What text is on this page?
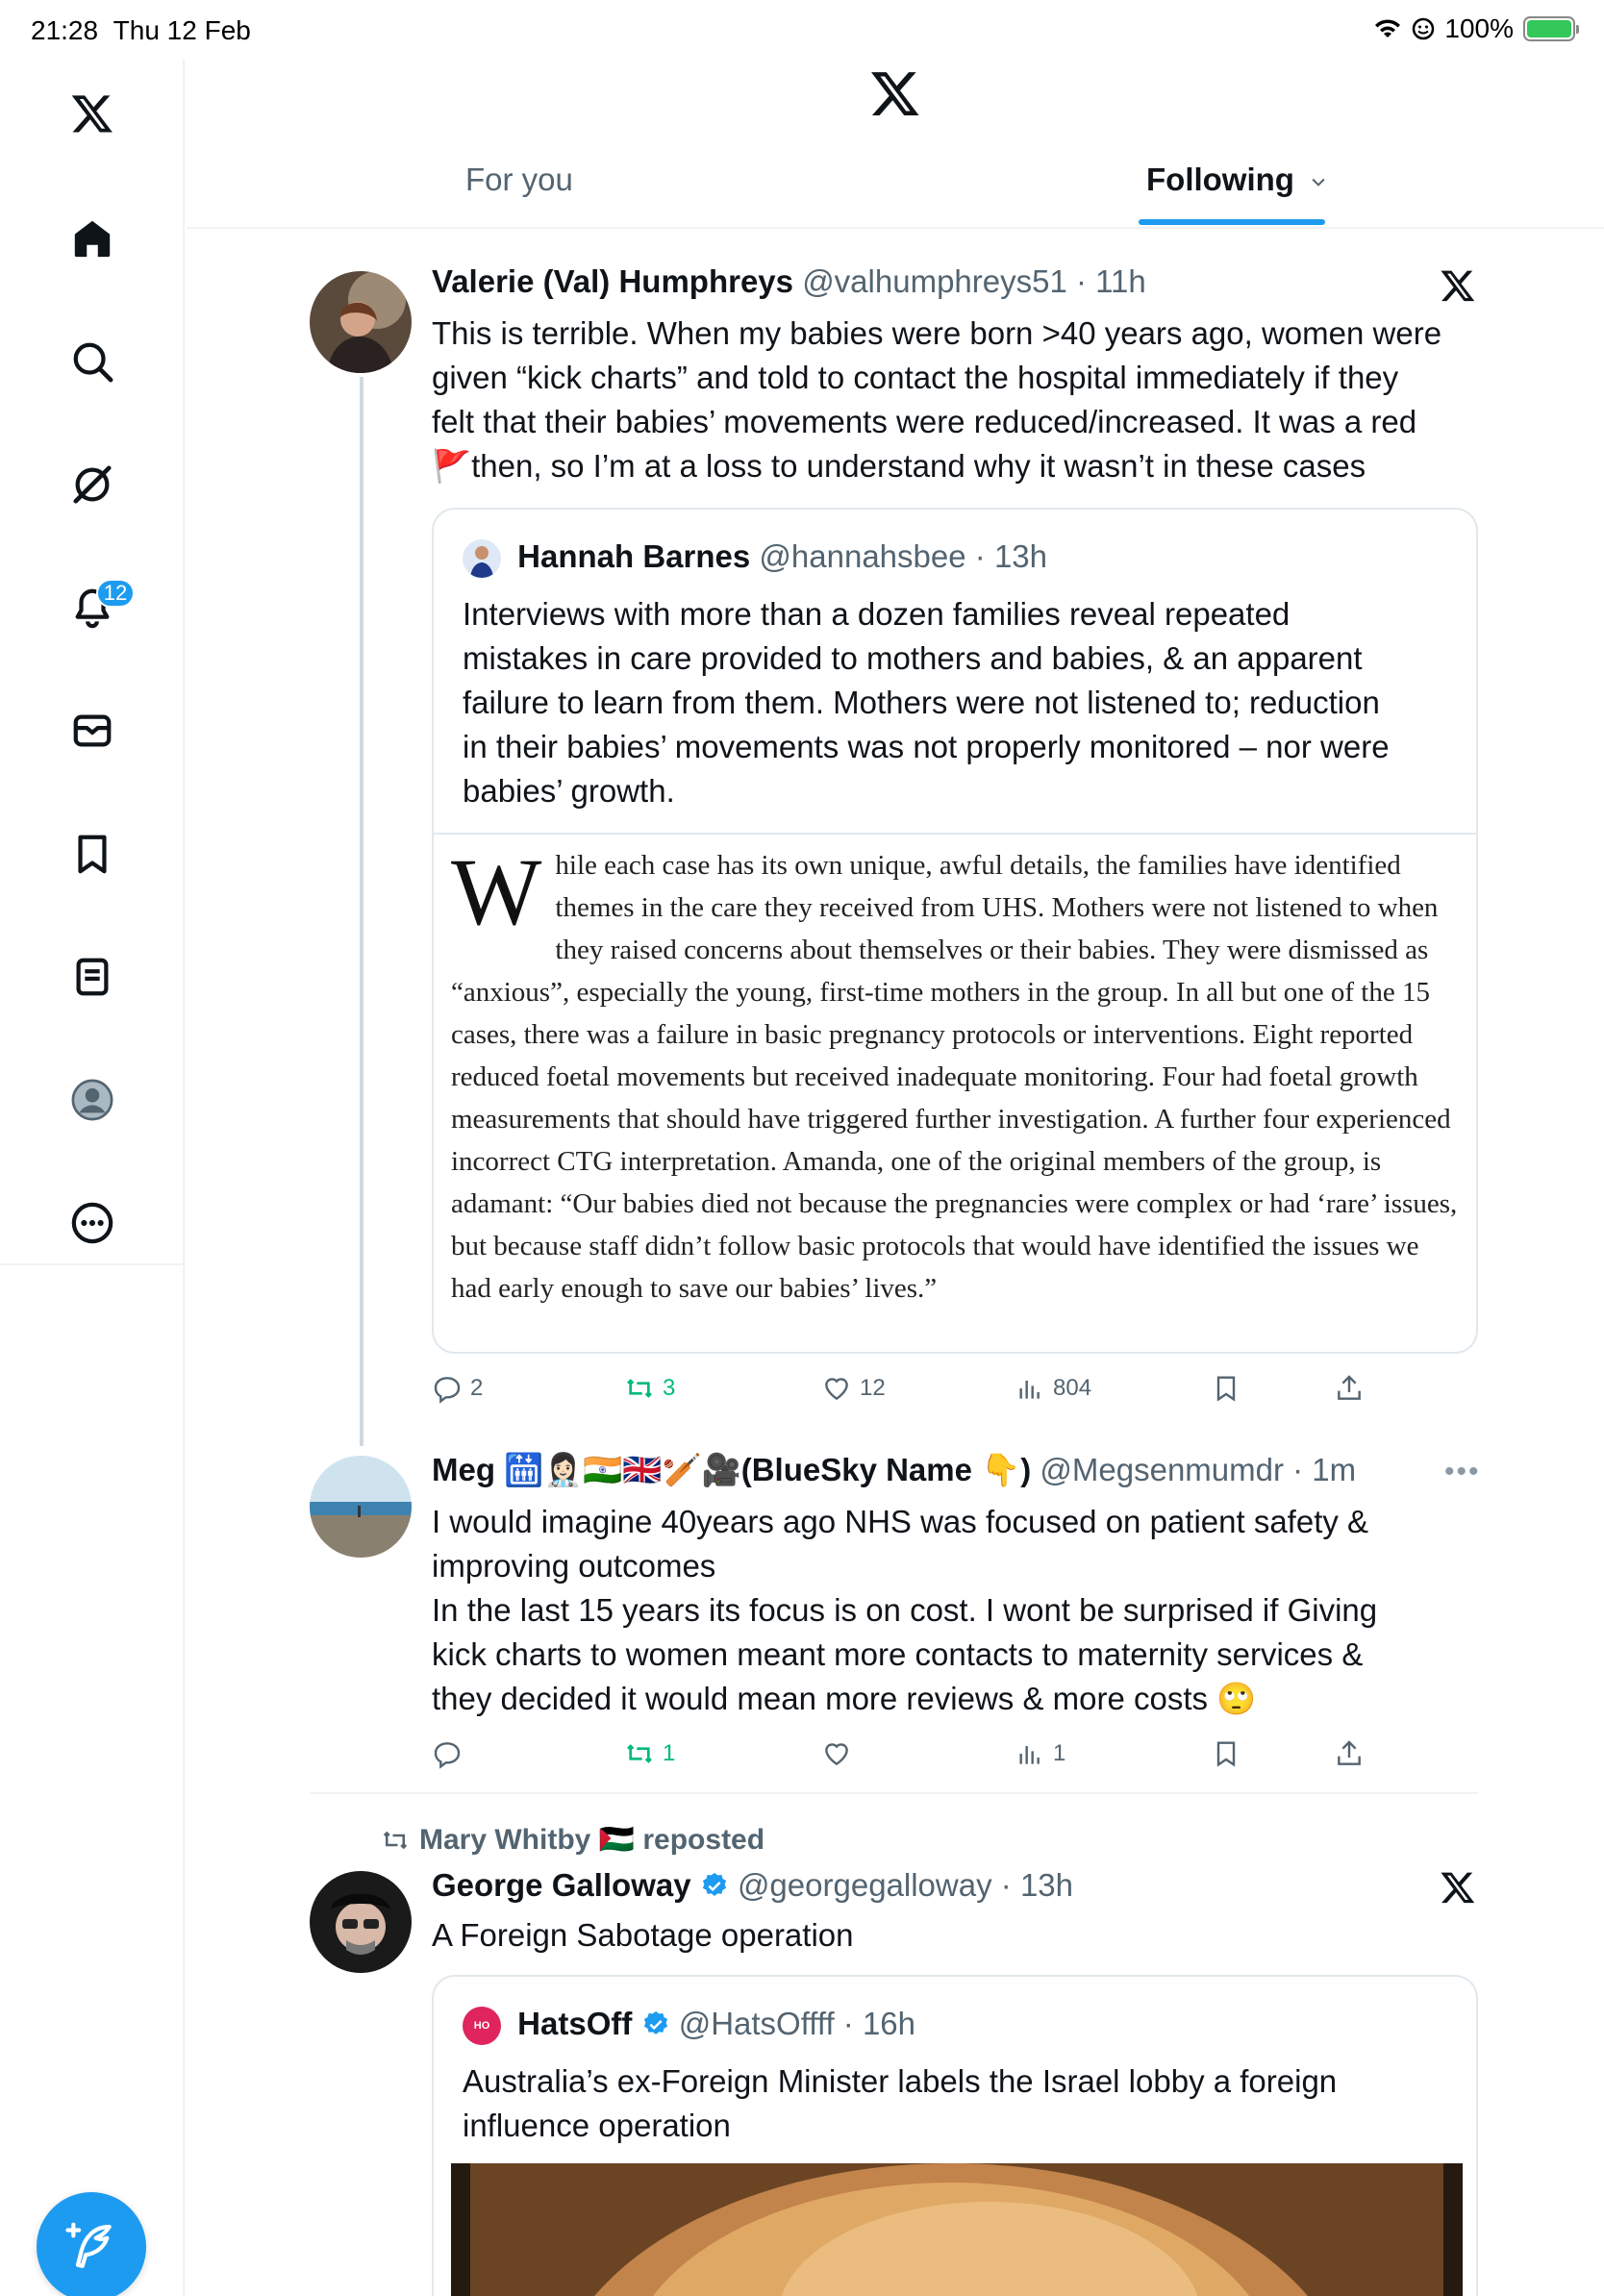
21:28 Thu 12 Feb	100%
12
For you	Following
Valerie (Val) Humphreys @valhumphreys51 · 11h
This is terrible. When my babies were born >40 years ago, women were
given “kick charts” and told to contact the hospital immediately if they
felt that their babies’ movements were reduced/increased. It was a red
🚩then, so I’m at a loss to understand why it wasn’t in these cases
Hannah Barnes @hannahsbee · 13h
Interviews with more than a dozen families reveal repeated
mistakes in care provided to mothers and babies, & an apparent
failure to learn from them. Mothers were not listened to; reduction
in their babies’ movements was not properly monitored – nor were
babies’ growth.
While each case has its own unique, awful details, the families have identified themes in the care they received from UHS. Mothers were not listened to when they raised concerns about themselves or their babies. They were dismissed as “anxious”, especially the young, first-time mothers in the group. In all but one of the 15 cases, there was a failure in basic pregnancy protocols or interventions. Eight reported reduced foetal movements but received inadequate monitoring. Four had foetal growth measurements that should have triggered further investigation. A further four experienced incorrect CTG interpretation. Amanda, one of the original members of the group, is adamant: “Our babies died not because the pregnancies were complex or had ‘rare’ issues, but because staff didn’t follow basic protocols that would have identified the issues we had early enough to save our babies’ lives.”
2	3	12	804
Meg 🛗👩🏻‍⚕️🇮🇳🇬🇧🏏🎥(BlueSky Name 👇) @Megsenmumdr · 1m	•••
I would imagine 40years ago NHS was focused on patient safety &
improving outcomes
In the last 15 years its focus is on cost. I wont be surprised if Giving
kick charts to women meant more contacts to maternity services &
they decided it would mean more reviews & more costs 🙄
1	1
Mary Whitby 🇵🇸 reposted
George Galloway @georgegalloway · 13h
A Foreign Sabotage operation
HO HatsOff @HatsOffff · 16h
Australia’s ex-Foreign Minister labels the Israel lobby a foreign
influence operation
